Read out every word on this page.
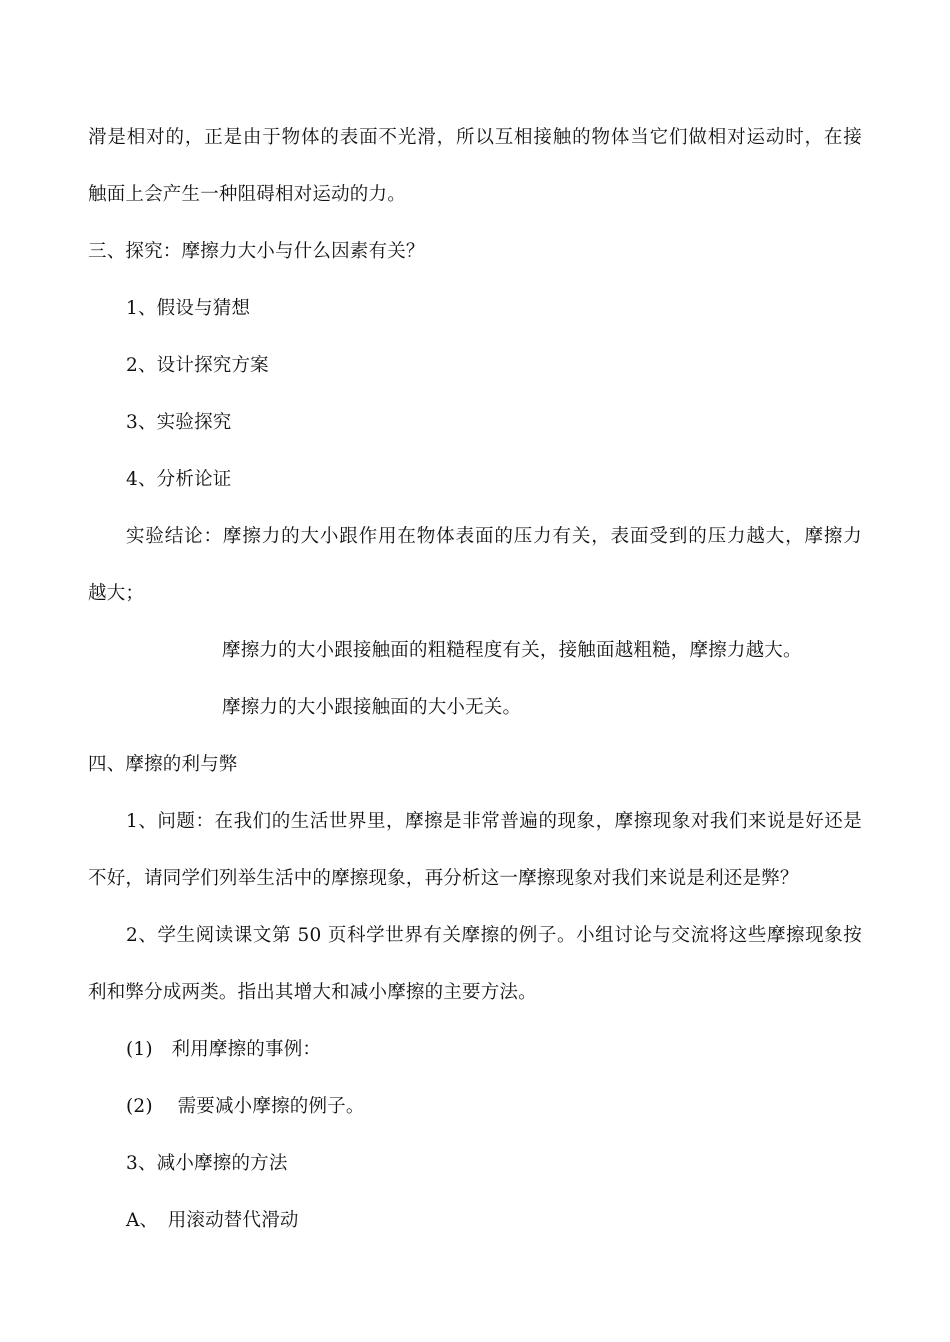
滑是相对的，正是由于物体的表面不光滑，所以互相接触的物体当它们做相对运动时，在接
触面上会产生一种阻碍相对运动的力。
三、探究：摩擦力大小与什么因素有关？
1、假设与猜想
2、设计探究方案
3、实验探究
4、分析论证
实验结论：摩擦力的大小跟作用在物体表面的压力有关，表面受到的压力越大，摩擦力
越大；
摩擦力的大小跟接触面的粗糙程度有关，接触面越粗糙，摩擦力越大。
摩擦力的大小跟接触面的大小无关。
四、摩擦的利与弊
1、问题：在我们的生活世界里，摩擦是非常普遍的现象，摩擦现象对我们来说是好还是
不好，请同学们列举生活中的摩擦现象，再分析这一摩擦现象对我们来说是利还是弊？
2、学生阅读课文第 50 页科学世界有关摩擦的例子。小组讨论与交流将这些摩擦现象按
利和弊分成两类。指出其增大和减小摩擦的主要方法。
(1)　利用摩擦的事例：
(2)　 需要减小摩擦的例子。
3、减小摩擦的方法
A、　用滚动替代滑动
